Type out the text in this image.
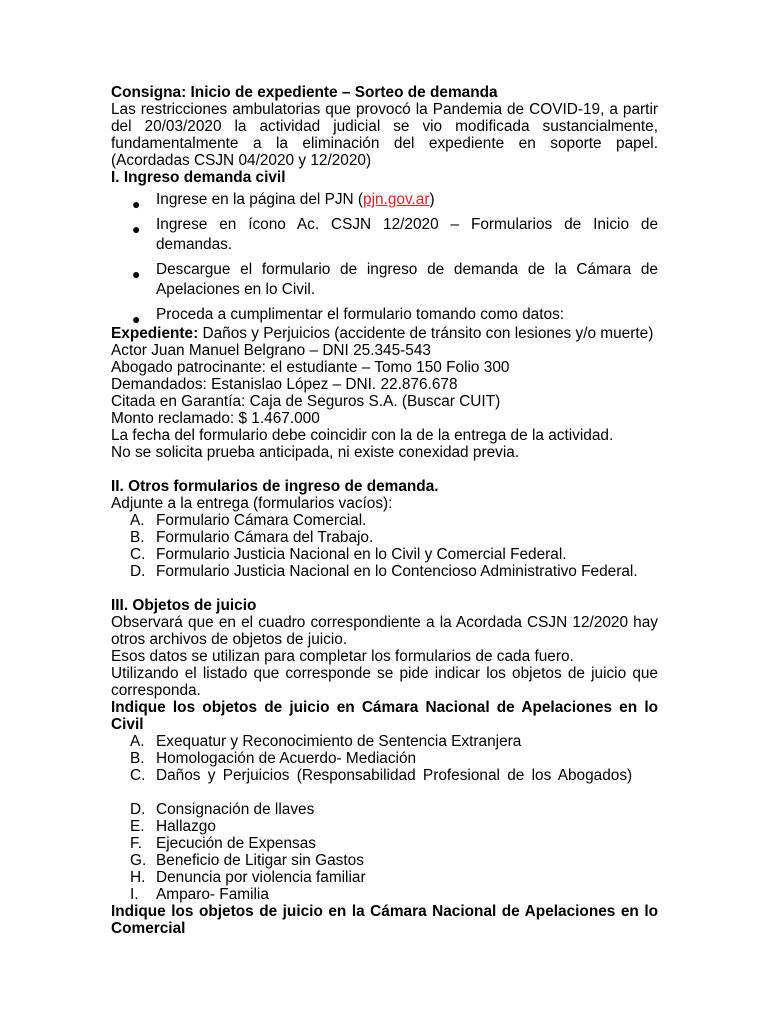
Consigna: Inicio de expediente – Sorteo de demanda

Las restricciones ambulatorias que provocó la Pandemia de COVID-19, a partir del 20/03/2020 la actividad judicial se vio modificada sustancialmente, fundamentalmente a la eliminación del expediente en soporte papel. (Acordadas CSJN 04/2020 y 12/2020)

I. Ingreso demanda civil

● Ingrese en la página del PJN (pjn.gov.ar)
● Ingrese en ícono Ac. CSJN 12/2020 – Formularios de Inicio de demandas.
● Descargue el formulario de ingreso de demanda de la Cámara de Apelaciones en lo Civil.
● Proceda a cumplimentar el formulario tomando como datos:

Expediente: Daños y Perjuicios (accidente de tránsito con lesiones y/o muerte)

Actor Juan Manuel Belgrano – DNI 25.345-543

Abogado patrocinante: el estudiante – Tomo 150 Folio 300

Demandados: Estanislao López – DNI. 22.876.678

Citada en Garantía: Caja de Seguros S.A. (Buscar CUIT)

Monto reclamado: $ 1.467.000

La fecha del formulario debe coincidir con la de la entrega de la actividad.

No se solicita prueba anticipada, ni existe conexidad previa.

II. Otros formularios de ingreso de demanda.

Adjunte a la entrega (formularios vacíos):

A. Formulario Cámara Comercial.
B. Formulario Cámara del Trabajo.
C. Formulario Justicia Nacional en lo Civil y Comercial Federal.
D. Formulario Justicia Nacional en lo Contencioso Administrativo Federal.

III. Objetos de juicio

Observará que en el cuadro correspondiente a la Acordada CSJN 12/2020 hay otros archivos de objetos de juicio.

Esos datos se utilizan para completar los formularios de cada fuero.

Utilizando el listado que corresponde se pide indicar los objetos de juicio que corresponda.

Indique los objetos de juicio en Cámara Nacional de Apelaciones en lo Civil

A. Exequatur y Reconocimiento de Sentencia Extranjera
B. Homologación de Acuerdo- Mediación
C. Daños y Perjuicios (Responsabilidad Profesional de los Abogados)
D. Consignación de llaves
E. Hallazgo
F. Ejecución de Expensas
G. Beneficio de Litigar sin Gastos
H. Denuncia por violencia familiar
I. Amparo- Familia

Indique los objetos de juicio en la Cámara Nacional de Apelaciones en lo Comercial
